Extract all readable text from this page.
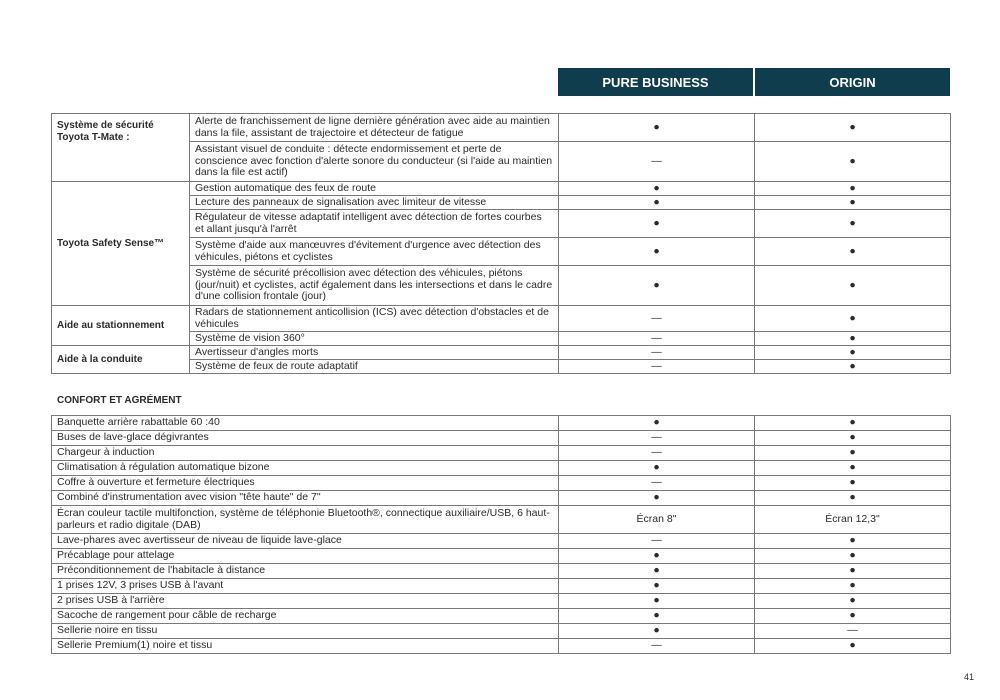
PURE BUSINESS	ORIGIN
Système de sécurité Toyota T-Mate :	Alerte de franchissement de ligne dernière génération avec aide au maintien dans la file, assistant de trajectoire et détecteur de fatigue	●	●
	Assistant visuel de conduite : détecte endormissement et perte de conscience avec fonction d'alerte sonore du conducteur (si l'aide au maintien dans la file est actif)	—	●
Toyota Safety Sense™	Gestion automatique des feux de route	●	●
	Lecture des panneaux de signalisation avec limiteur de vitesse	●	●
	Régulateur de vitesse adaptatif intelligent avec détection de fortes courbes et allant jusqu'à l'arrêt	●	●
	Système d'aide aux manœuvres d'évitement d'urgence avec détection des véhicules, piétons et cyclistes	●	●
	Système de sécurité précollision avec détection des véhicules, piétons (jour/nuit) et cyclistes, actif également dans les intersections et dans le cadre d'une collision frontale (jour)	●	●
Aide au stationnement	Radars de stationnement anticollision (ICS) avec détection d'obstacles et de véhicules	—	●
	Système de vision 360°	—	●
Aide à la conduite	Avertisseur d'angles morts	—	●
	Système de feux de route adaptatif	—	●
CONFORT ET AGRÉMENT
Banquette arrière rabattable 60 :40	●	●
Buses de lave-glace dégivrantes	—	●
Chargeur à induction	—	●
Climatisation à régulation automatique bizone	●	●
Coffre à ouverture et fermeture électriques	—	●
Combiné d'instrumentation avec vision "tête haute" de 7"	●	●
Écran couleur tactile multifonction, système de téléphonie Bluetooth®, connectique auxiliaire/USB, 6 haut-parleurs et radio digitale (DAB)	Écran 8"	Écran 12,3"
Lave-phares avec avertisseur de niveau de liquide lave-glace	—	●
Précablage pour attelage	●	●
Préconditionnement de l'habitacle à distance	●	●
1 prises 12V, 3 prises USB à l'avant	●	●
2 prises USB à l'arrière	●	●
Sacoche de rangement pour câble de recharge	●	●
Sellerie noire en tissu	●	—
Sellerie Premium(1) noire et tissu	—	●
41
